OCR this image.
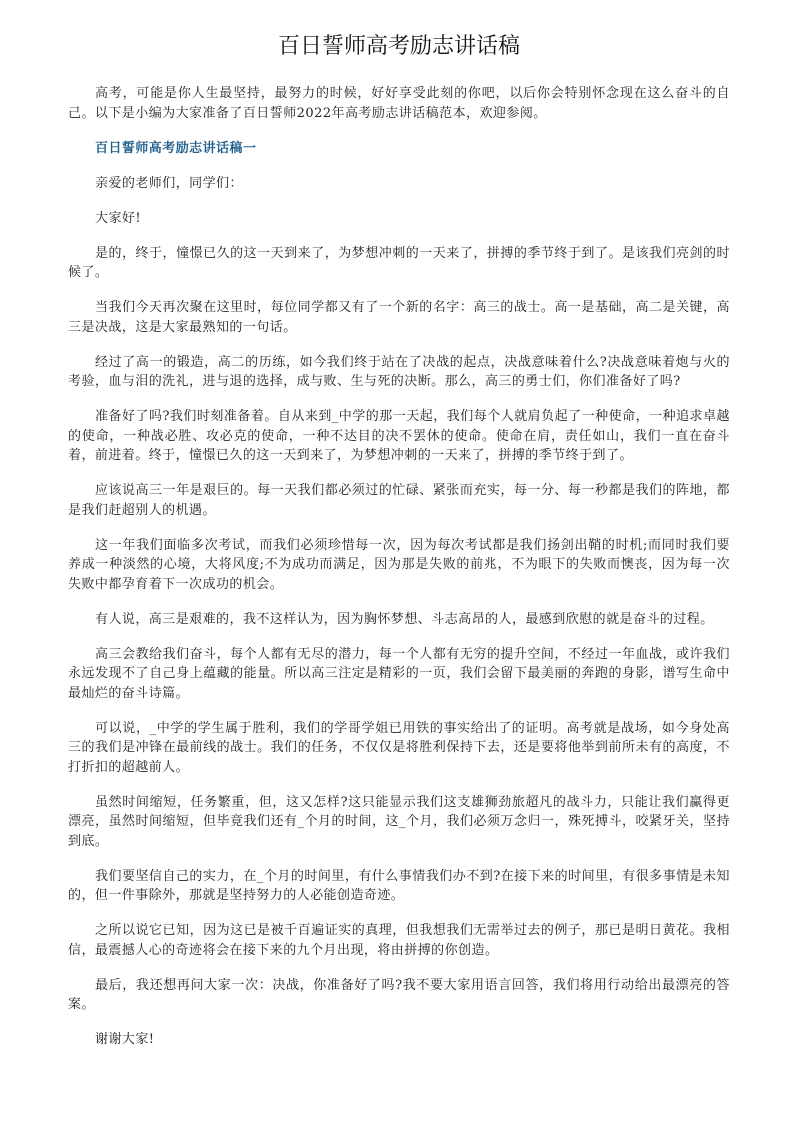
百日誓师高考励志讲话稿

高考，可能是你人生最坚持，最努力的时候，好好享受此刻的你吧，以后你会特别怀念现在这么奋斗的自己。以下是小编为大家准备了百日誓师2022年高考励志讲话稿范本，欢迎参阅。

百日誓师高考励志讲话稿一

亲爱的老师们，同学们：

大家好!

是的，终于，憧憬已久的这一天到来了，为梦想冲刺的一天来了，拼搏的季节终于到了。是该我们亮剑的时候了。

当我们今天再次聚在这里时，每位同学都又有了一个新的名字：高三的战士。高一是基础，高二是关键，高三是决战，这是大家最熟知的一句话。

经过了高一的锻造，高二的历练，如今我们终于站在了决战的起点，决战意味着什么?决战意味着炮与火的考验，血与泪的洗礼，进与退的选择，成与败、生与死的决断。那么，高三的勇士们，你们准备好了吗?

准备好了吗?我们时刻准备着。自从来到_中学的那一天起，我们每个人就肩负起了一种使命，一种追求卓越的使命，一种战必胜、攻必克的使命，一种不达目的决不罢休的使命。使命在肩，责任如山，我们一直在奋斗着，前进着。终于，憧憬已久的这一天到来了，为梦想冲刺的一天来了，拼搏的季节终于到了。

应该说高三一年是艰巨的。每一天我们都必须过的忙碌、紧张而充实，每一分、每一秒都是我们的阵地，都是我们赶超别人的机遇。

这一年我们面临多次考试，而我们必须珍惜每一次，因为每次考试都是我们扬剑出鞘的时机;而同时我们要养成一种淡然的心境，大将风度;不为成功而满足，因为那是失败的前兆，不为眼下的失败而懊丧，因为每一次失败中都孕育着下一次成功的机会。

有人说，高三是艰难的，我不这样认为，因为胸怀梦想、斗志高昂的人，最感到欣慰的就是奋斗的过程。

高三会教给我们奋斗，每个人都有无尽的潜力，每一个人都有无穷的提升空间，不经过一年血战，或许我们永远发现不了自己身上蕴藏的能量。所以高三注定是精彩的一页，我们会留下最美丽的奔跑的身影，谱写生命中最灿烂的奋斗诗篇。

可以说，_中学的学生属于胜利，我们的学哥学姐已用铁的事实给出了的证明。高考就是战场，如今身处高三的我们是冲锋在最前线的战士。我们的任务，不仅仅是将胜利保持下去，还是要将他举到前所未有的高度，不打折扣的超越前人。

虽然时间缩短，任务繁重，但，这又怎样?这只能显示我们这支雄狮劲旅超凡的战斗力，只能让我们赢得更漂亮，虽然时间缩短，但毕竟我们还有_个月的时间，这_个月，我们必须万念归一，殊死搏斗，咬紧牙关，坚持到底。

我们要坚信自己的实力，在_个月的时间里，有什么事情我们办不到?在接下来的时间里，有很多事情是未知的，但一件事除外，那就是坚持努力的人必能创造奇迹。

之所以说它已知，因为这已是被千百遍证实的真理，但我想我们无需举过去的例子，那已是明日黄花。我相信，最震撼人心的奇迹将会在接下来的九个月出现，将由拼搏的你创造。

最后，我还想再问大家一次：决战，你准备好了吗?我不要大家用语言回答，我们将用行动给出最漂亮的答案。

谢谢大家!
